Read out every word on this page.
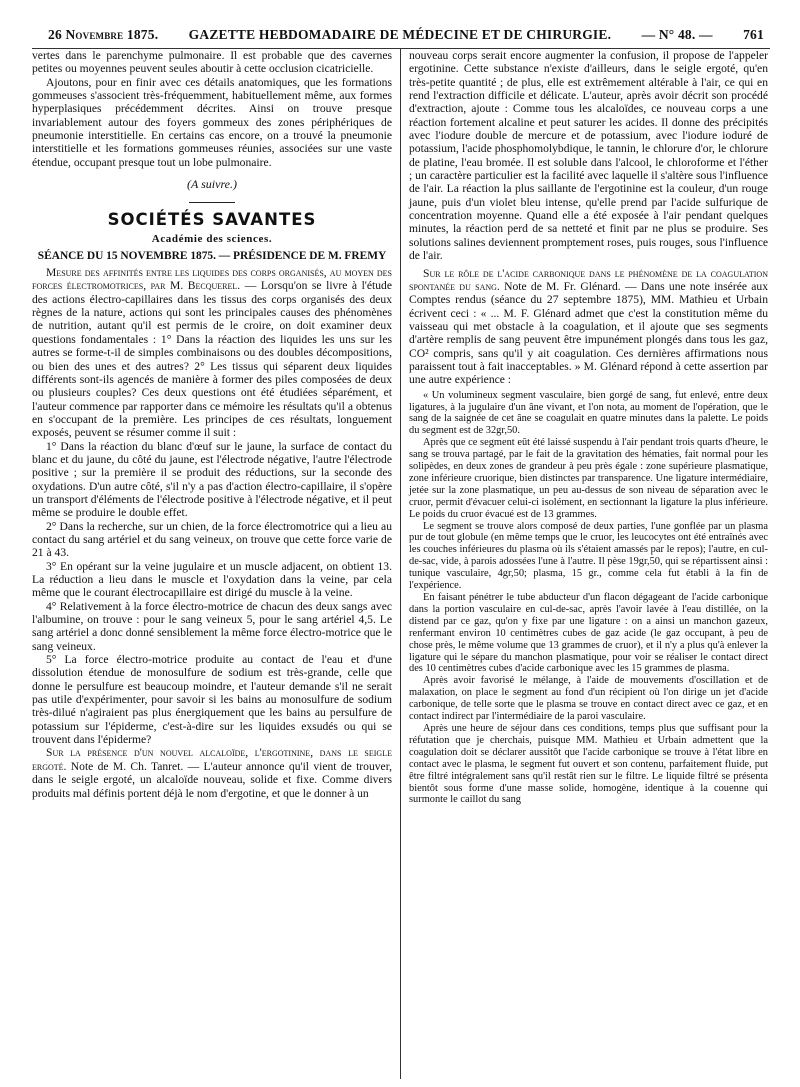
26 Novembre 1875. GAZETTE HEBDOMADAIRE DE MÉDECINE ET DE CHIRURGIE. — N° 48. — 761

vertes dans le parenchyme pulmonaire. Il est probable que des cavernes petites ou moyennes peuvent seules aboutir à cette occlusion cicatricielle.

Ajoutons, pour en finir avec ces détails anatomiques, que les formations gommeuses s'associent très-fréquemment, habituellement même, aux formes hyperplasiques précédemment décrites. Ainsi on trouve presque invariablement autour des foyers gommeux des zones périphériques de pneumonie interstitielle. En certains cas encore, on a trouvé la pneumonie interstitielle et les formations gommeuses réunies, associées sur une vaste étendue, occupant presque tout un lobe pulmonaire.

(A suivre.)
SOCIÉTÉS SAVANTES
Académie des sciences.
SÉANCE DU 15 NOVEMBRE 1875. — PRÉSIDENCE DE M. FREMY

Mesure des affinités entre les liquides des corps organisés, au moyen des forces électromotrices, par M. Becquerel. — Lorsqu'on se livre à l'étude des actions électro-capillaires dans les tissus des corps organisés des deux règnes de la nature, actions qui sont les principales causes des phénomènes de nutrition, autant qu'il est permis de le croire, on doit examiner deux questions fondamentales : 1° Dans la réaction des liquides les uns sur les autres se forme-t-il de simples combinaisons ou des doubles décompositions, ou bien des unes et des autres? 2° Les tissus qui séparent deux liquides différents sont-ils agencés de manière à former des piles composées de deux ou plusieurs couples? Ces deux questions ont été étudiées séparément, et l'auteur commence par rapporter dans ce mémoire les résultats qu'il a obtenus en s'occupant de la première. Les principes de ces résultats, longuement exposés, peuvent se résumer comme il suit :

1° Dans la réaction du blanc d'œuf sur le jaune, la surface de contact du blanc et du jaune, du côté du jaune, est l'électrode négative, l'autre l'électrode positive ; sur la première il se produit des réductions, sur la seconde des oxydations. D'un autre côté, s'il n'y a pas d'action électro-capillaire, il s'opère un transport d'éléments de l'électrode positive à l'électrode négative, et il peut même se produire le double effet.

2° Dans la recherche, sur un chien, de la force électromotrice qui a lieu au contact du sang artériel et du sang veineux, on trouve que cette force varie de 21 à 43.

3° En opérant sur la veine jugulaire et un muscle adjacent, on obtient 13. La réduction a lieu dans le muscle et l'oxydation dans la veine, par cela même que le courant électrocapillaire est dirigé du muscle à la veine.

4° Relativement à la force électro-motrice de chacun des deux sangs avec l'albumine, on trouve : pour le sang veineux 5, pour le sang artériel 4,5. Le sang artériel a donc donné sensiblement la même force électro-motrice que le sang veineux.

5° La force électro-motrice produite au contact de l'eau et d'une dissolution étendue de monosulfure de sodium est très-grande, celle que donne le persulfure est beaucoup moindre, et l'auteur demande s'il ne serait pas utile d'expérimenter, pour savoir si les bains au monosulfure de sodium très-dilué n'agiraient pas plus énergiquement que les bains au persulfure de potassium sur l'épiderme, c'est-à-dire sur les liquides exsudés ou qui se trouvent dans l'épiderme?

Sur la présence d'un nouvel alcaloïde, l'ergotinine, dans le seigle ergoté. Note de M. Ch. Tanret. — L'auteur annonce qu'il vient de trouver, dans le seigle ergoté, un alcaloïde nouveau, solide et fixe. Comme divers produits mal définis portent déjà le nom d'ergotine, et que le donner à un

nouveau corps serait encore augmenter la confusion, il propose de l'appeler ergotinine. Cette substance n'existe d'ailleurs, dans le seigle ergoté, qu'en très-petite quantité ; de plus, elle est extrêmement altérable à l'air, ce qui en rend l'extraction difficile et délicate. L'auteur, après avoir décrit son procédé d'extraction, ajoute : Comme tous les alcaloïdes, ce nouveau corps a une réaction fortement alcaline et peut saturer les acides. Il donne des précipités avec l'iodure double de mercure et de potassium, avec l'iodure ioduré de potassium, l'acide phosphomolybdique, le tannin, le chlorure d'or, le chlorure de platine, l'eau bromée. Il est soluble dans l'alcool, le chloroforme et l'éther ; un caractère particulier est la facilité avec laquelle il s'altère sous l'influence de l'air. La réaction la plus saillante de l'ergotinine est la couleur, d'un rouge jaune, puis d'un violet bleu intense, qu'elle prend par l'acide sulfurique de concentration moyenne. Quand elle a été exposée à l'air pendant quelques minutes, la réaction perd de sa netteté et finit par ne plus se produire. Ses solutions salines deviennent promptement roses, puis rouges, sous l'influence de l'air.

Sur le rôle de l'acide carbonique dans le phénomène de la coagulation spontanée du sang. Note de M. Fr. Glénard. — Dans une note insérée aux Comptes rendus (séance du 27 septembre 1875), MM. Mathieu et Urbain écrivent ceci : « ... M. F. Glénard admet que c'est la constitution même du vaisseau qui met obstacle à la coagulation, et il ajoute que ses segments d'artère remplis de sang peuvent être impunément plongés dans tous les gaz, CO² compris, sans qu'il y ait coagulation. Ces dernières affirmations nous paraissent tout à fait inacceptables. » M. Glénard répond à cette assertion par une autre expérience :

« Un volumineux segment vasculaire, bien gorgé de sang, fut enlevé, entre deux ligatures, à la jugulaire d'un âne vivant, et l'on nota, au moment de l'opération, que le sang de la saignée de cet âne se coagulait en quatre minutes dans la palette. Le poids du segment est de 32gr,50.

Après que ce segment eût été laissé suspendu à l'air pendant trois quarts d'heure, le sang se trouva partagé, par le fait de la gravitation des hématies, fait normal pour les solipèdes, en deux zones de grandeur à peu près égale : zone supérieure plasmatique, zone inférieure cruorique, bien distinctes par transparence. Une ligature intermédiaire, jetée sur la zone plasmatique, un peu au-dessus de son niveau de séparation avec le cruor, permit d'évacuer celui-ci isolément, en sectionnant la ligature la plus inférieure. Le poids du cruor évacué est de 13 grammes.

Le segment se trouve alors composé de deux parties, l'une gonflée par un plasma pur de tout globule (en même temps que le cruor, les leucocytes ont été entraînés avec les couches inférieures du plasma où ils s'étaient amassés par le repos); l'autre, en cul-de-sac, vide, à parois adossées l'une à l'autre. Il pèse 19gr,50, qui se répartissent ainsi : tunique vasculaire, 4gr,50; plasma, 15 gr., comme cela fut établi à la fin de l'expérience.

En faisant pénétrer le tube abducteur d'un flacon dégageant de l'acide carbonique dans la portion vasculaire en cul-de-sac, après l'avoir lavée à l'eau distillée, on la distend par ce gaz, qu'on y fixe par une ligature : on a ainsi un manchon gazeux, renfermant environ 10 centimètres cubes de gaz acide (le gaz occupant, à peu de chose près, le même volume que 13 grammes de cruor), et il n'y a plus qu'à enlever la ligature qui le sépare du manchon plasmatique, pour voir se réaliser le contact direct des 10 centimètres cubes d'acide carbonique avec les 15 grammes de plasma.

Après avoir favorisé le mélange, à l'aide de mouvements d'oscillation et de malaxation, on place le segment au fond d'un récipient où l'on dirige un jet d'acide carbonique, de telle sorte que le plasma se trouve en contact direct avec ce gaz, et en contact indirect par l'intermédiaire de la paroi vasculaire.

Après une heure de séjour dans ces conditions, temps plus que suffisant pour la réfutation que je cherchais, puisque MM. Mathieu et Urbain admettent que la coagulation doit se déclarer aussitôt que l'acide carbonique se trouve à l'état libre en contact avec le plasma, le segment fut ouvert et son contenu, parfaitement fluide, put être filtré intégralement sans qu'il restât rien sur le filtre. Le liquide filtré se présenta bientôt sous forme d'une masse solide, homogène, identique à la couenne qui surmonte le caillot du sang
